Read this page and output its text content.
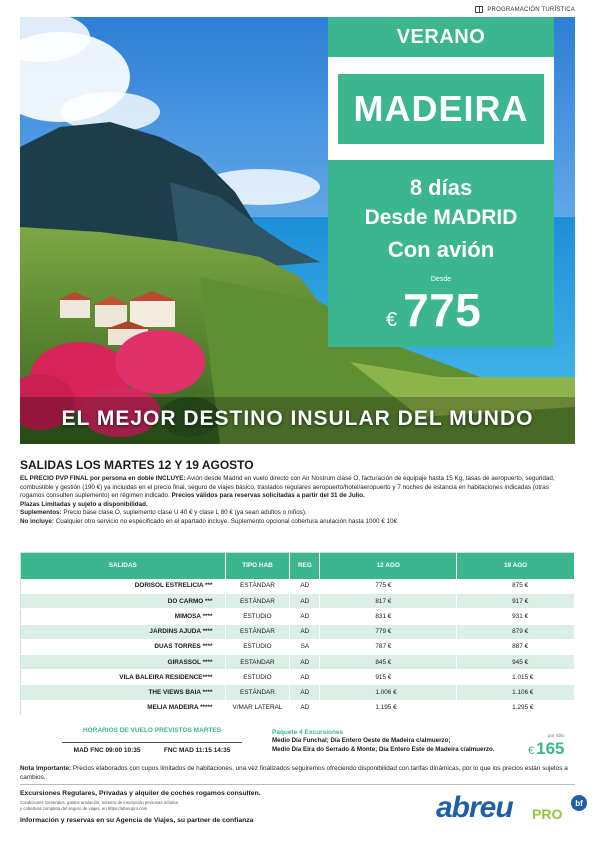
PROGRAMACIÓN TURÍSTICA
VERANO
MADEIRA
8 días
Desde MADRID
Con avión
Desde
€ 775
EL MEJOR DESTINO INSULAR DEL MUNDO
SALIDAS LOS MARTES 12 Y 19 AGOSTO
EL PRECIO PVP FINAL por persona en doble INCLUYE: Avión desde Madrid en vuelo directo con Air Nostrum clase O, facturación de equipaje hasta 15 Kg, tasas de aeropuerto, seguridad, combustible y gestión (190 €) ya incluidas en el precio final, seguro de viajes básico, traslados regulares aeropuerto/hotel/aeropuerto y 7 noches de estancia en habitaciones indicadas (otras rogamos consulten suplemento) en régimen indicado. Precios válidos para reservas solicitadas a partir del 31 de Julio.
Plazas Limitadas y sujeto a disponibilidad.
Suplementos: Precio base clase O, suplemento clase U 40 € y clase L 80 € (ya sean adultos o niños).
No incluye: Cualquier otro servicio no especificado en el apartado incluye. Suplemento opcional cobertura anulación hasta 1000 € 10€
SALIDAS	TIPO HAB	REG	12 AGO	19 AGO
DORISOL ESTRELICIA ***	ESTÁNDAR	AD	775 €	875 €
DO CARMO ***	ESTÁNDAR	AD	817 €	917 €
MIMOSA ****	ESTUDIO	AD	831 €	931 €
JARDINS AJUDA ****	ESTÁNDAR	AD	779 €	879 €
DUAS TORRES ****	ESTUDIO	SA	787 €	887 €
GIRASSOL ****	ESTANDAR	AD	845 €	945 €
VILA BALEIRA RESIDENCE****	ESTUDIO	AD	915 €	1.015 €
THE VIEWS BAIA ****	ESTÁNDAR	AD	1.006 €	1.106 €
MELIA MADEIRA *****	V/MAR LATERAL	AD	1.195 €	1.295 €
HORARIOS DE VUELO PREVISTOS MARTES
MAD FNC 09:00 10:35	FNC MAD 11:15 14:35
Paquete 4 Excursiones
Medio Día Funchal; Día Entero Oeste de Madeira c/almuerzo;
Medio Día Eira do Serrado & Monte; Día Entero Este de Madeira c/almuerzo.
por sólo
€ 165
Nota Importante: Precios elaborados con cupos limitados de habitaciones, una vez finalizados seguiremos ofreciendo disponibilidad con tarifas dinámicas, por lo que los precios están sujetos a cambios.
Excursiones Regulares, Privadas y alquiler de coches rogamos consulten.
Condiciones Generales, gastos anulación, número de inscripción personas mínima
y cobertura completa del seguro de viajes, en https://abreupro.com
Información y reservas en su Agencia de Viajes, su partner de confianza	abreu PRO
bf
